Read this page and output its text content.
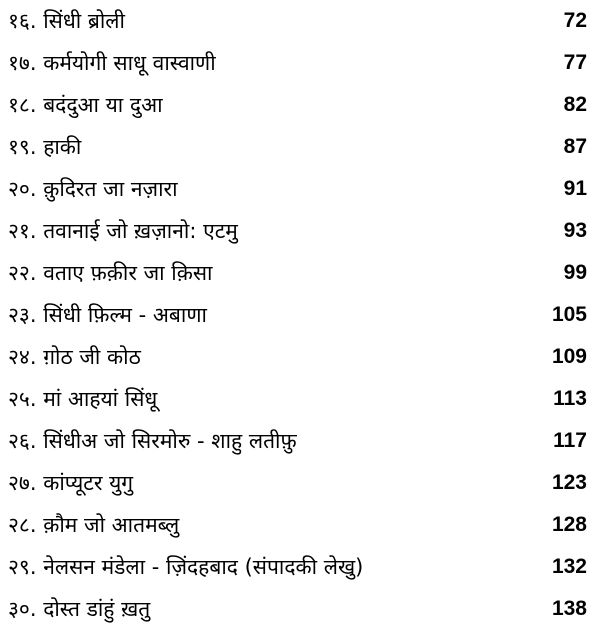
१६. सिंधी ब्रोली	72
१७. कर्मयोगी साधू वास्वाणी	77
१८. बदंदुआ या दुआ	82
१९. हाकी	87
२०. क़ुदिरत जा नज़ारा	91
२१. तवानाई जो ख़ज़ानो: एटमु	93
२२. वताए फ़क़ीर जा क़िसा	99
२३. सिंधी फ़िल्म - अबाणा	105
२४. ग़ोठ जी कोठ	109
२५. मां आहयां सिंधू	113
२६. सिंधीअ जो सिरमोरु - शाहु लतीफ़ु	117
२७. कांप्यूटर युगु	123
२८. क़ौम जो आतमब्लु	128
२९. नेलसन मंडेला - ज़िंदहबाद (संपादकी लेखु)	132
३०. दोस्त डांहुं ख़तु	138
